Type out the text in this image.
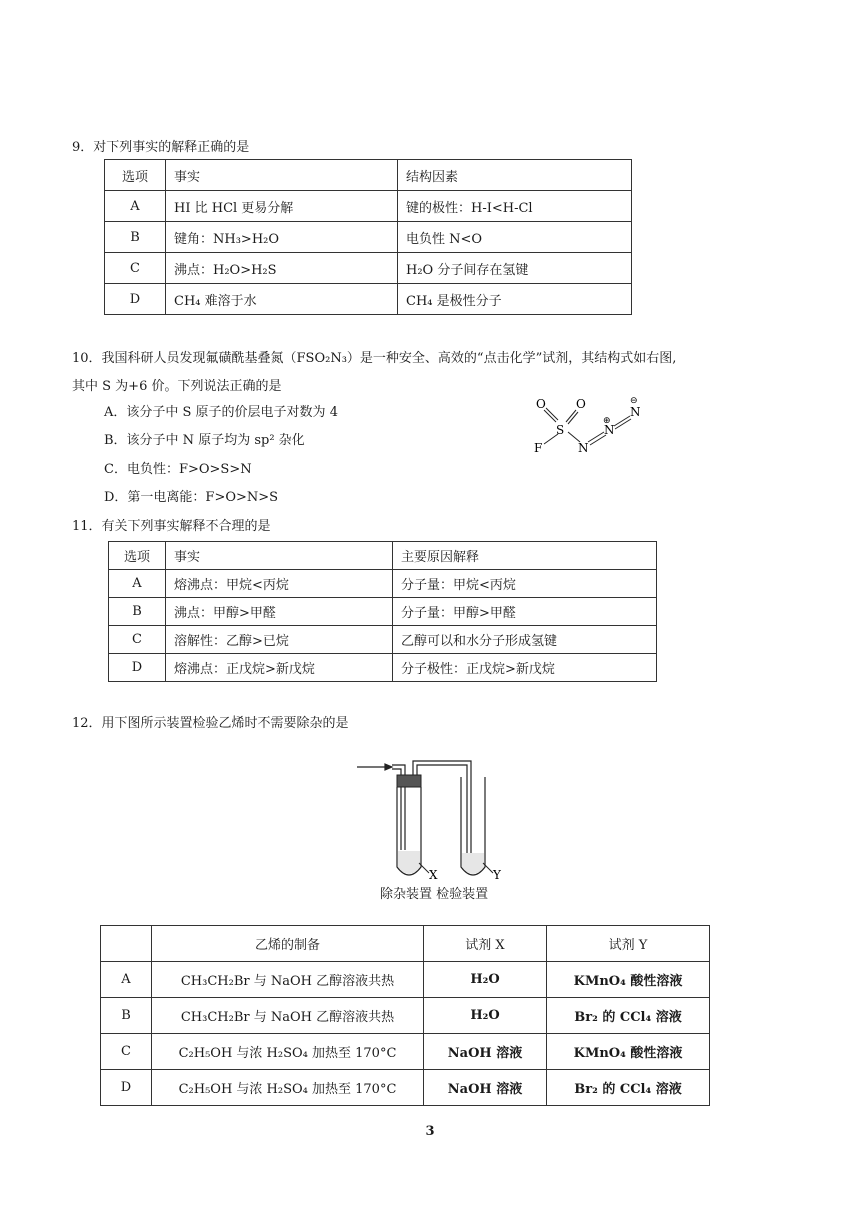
9．对下列事实的解释正确的是
选项	事实	结构因素
A	HI 比 HCl 更易分解	键的极性：H-I<H-Cl
B	键角：NH₃>H₂O	电负性 N<O
C	沸点：H₂O>H₂S	H₂O 分子间存在氢键
D	CH₄ 难溶于水	CH₄ 是极性分子
10．我国科研人员发现氟磺酰基叠氮（FSO₂N₃）是一种安全、高效的“点击化学”试剂，其结构式如右图,
其中 S 为+6 价。下列说法正确的是
A．该分子中 S 原子的价层电子对数为 4
B．该分子中 N 原子均为 sp² 杂化
C．电负性：F>O>S>N
D．第一电离能：F>O>N>S
O	O
S
F	N
N
N
⊕
⊖
11．有关下列事实解释不合理的是
选项	事实	主要原因解释
A	熔沸点：甲烷<丙烷	分子量：甲烷<丙烷
B	沸点：甲醇>甲醛	分子量：甲醇>甲醛
C	溶解性：乙醇>已烷	乙醇可以和水分子形成氢键
D	熔沸点：正戊烷>新戊烷	分子极性：正戊烷>新戊烷
12．用下图所示装置检验乙烯时不需要除杂的是
X	Y
除杂装置 检验装置
	乙烯的制备	试剂 X	试剂 Y
A	CH₃CH₂Br 与 NaOH 乙醇溶液共热	H₂O	KMnO₄ 酸性溶液
B	CH₃CH₂Br 与 NaOH 乙醇溶液共热	H₂O	Br₂ 的 CCl₄ 溶液
C	C₂H₅OH 与浓 H₂SO₄ 加热至 170°C	NaOH 溶液	KMnO₄ 酸性溶液
D	C₂H₅OH 与浓 H₂SO₄ 加热至 170°C	NaOH 溶液	Br₂ 的 CCl₄ 溶液
3
